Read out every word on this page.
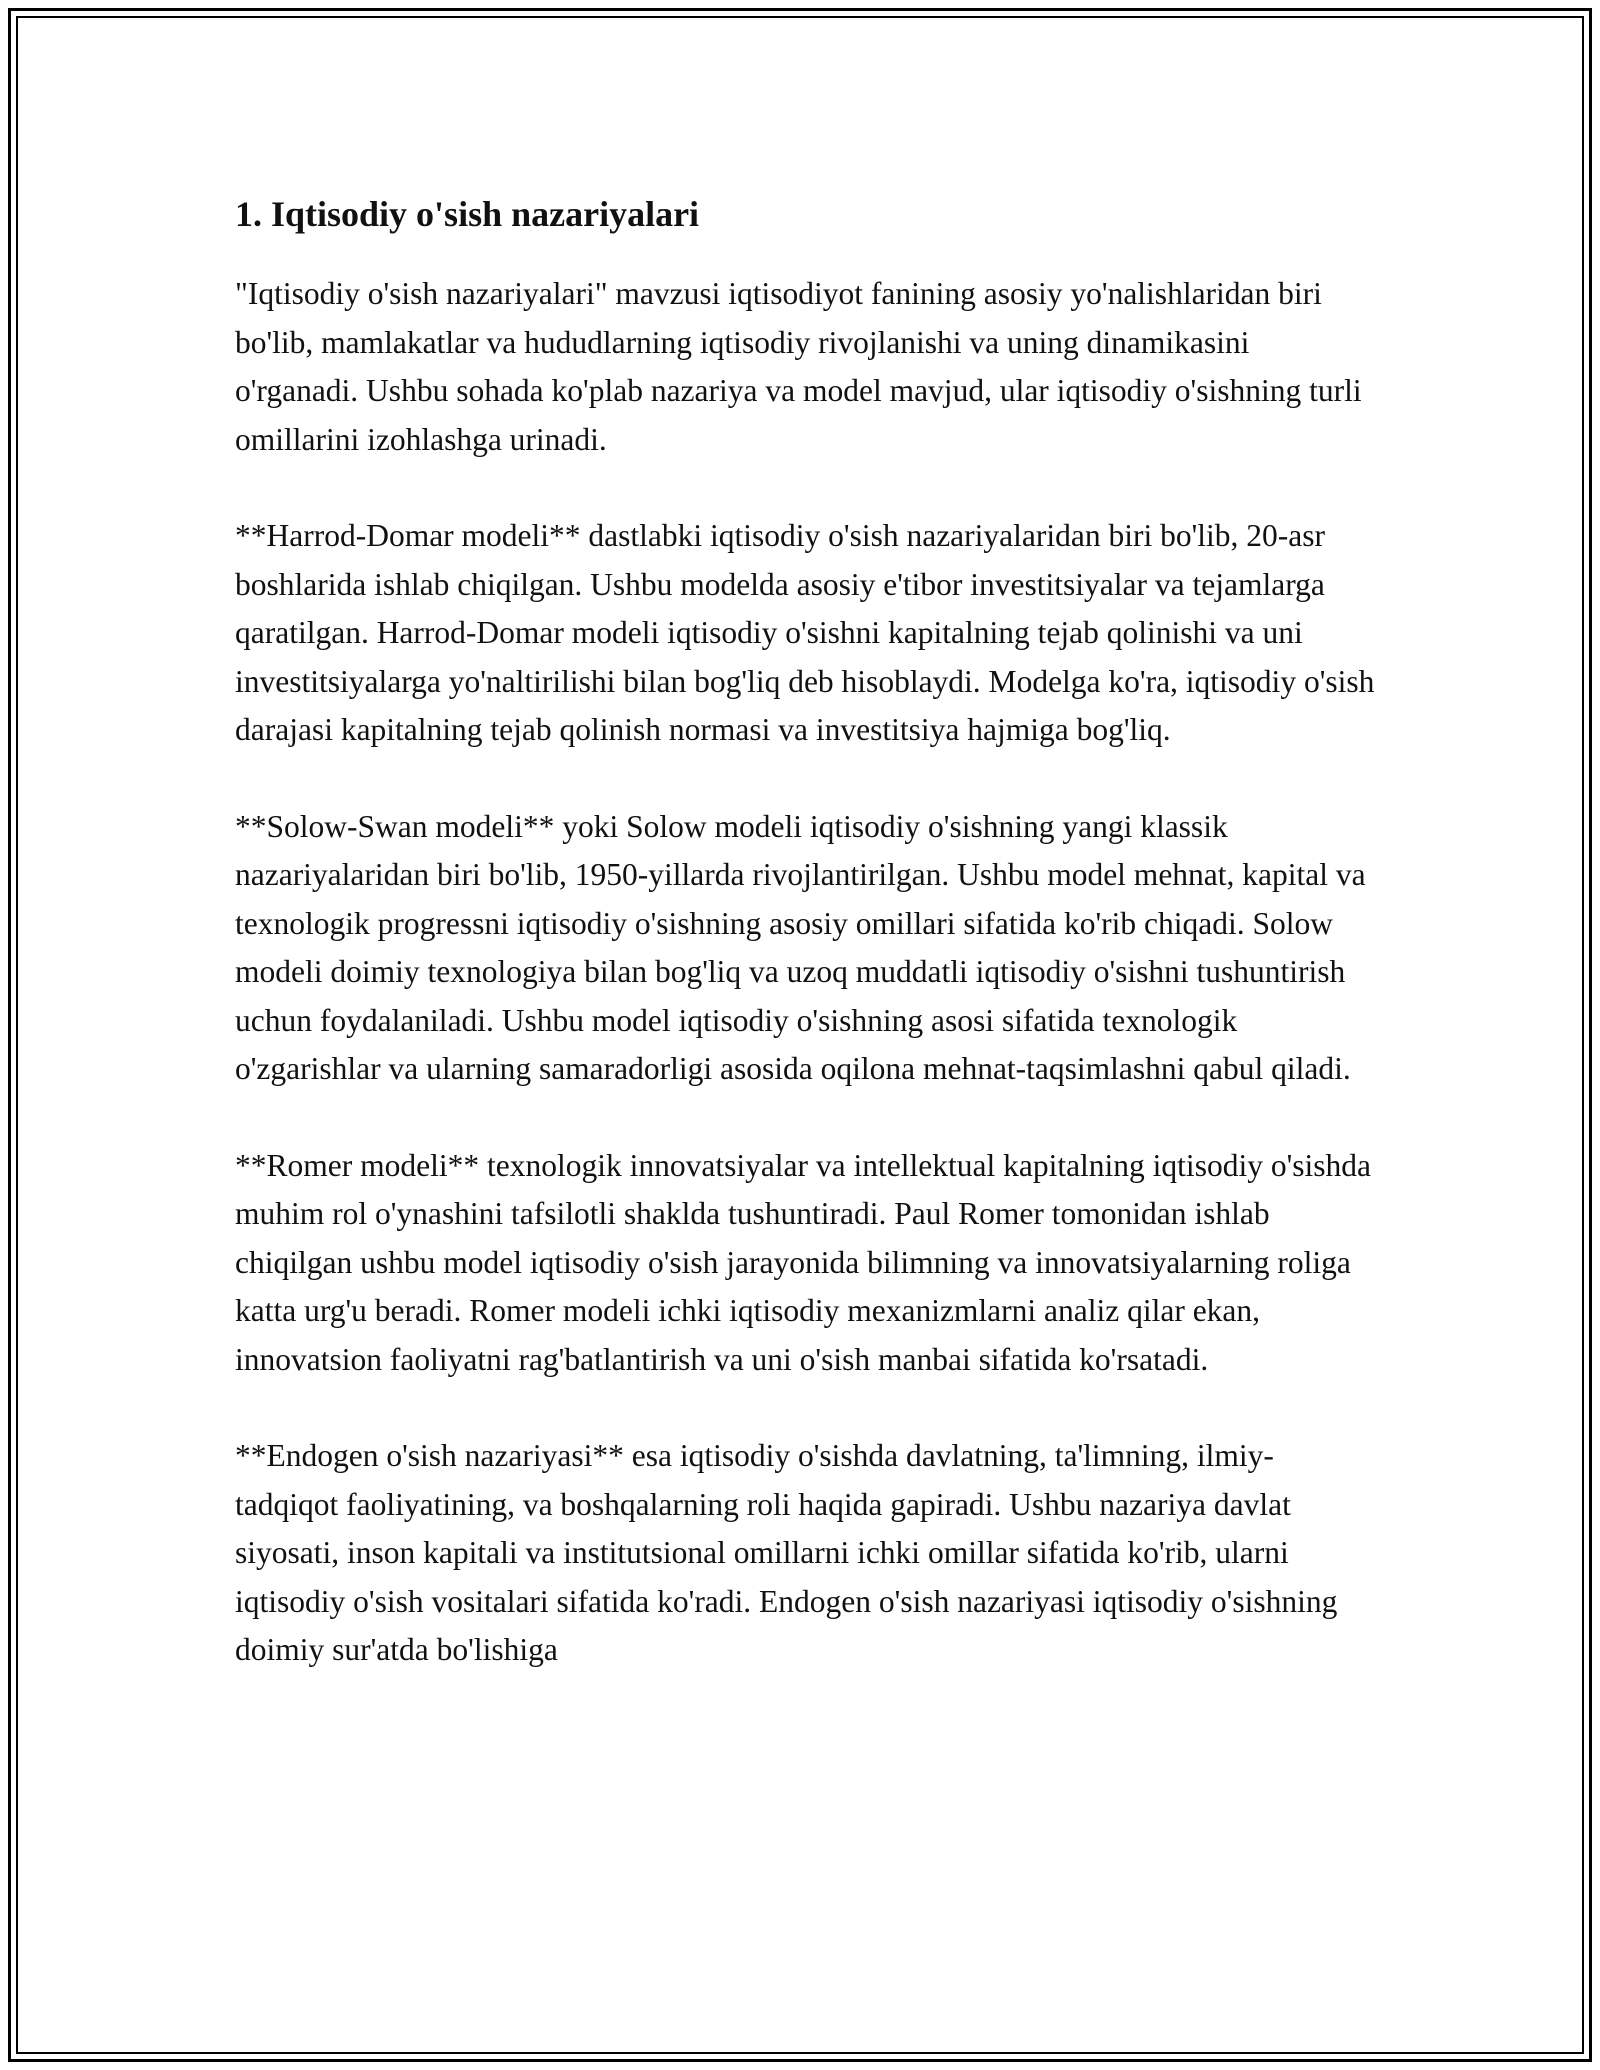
1. Iqtisodiy o'sish nazariyalari

"Iqtisodiy o'sish nazariyalari" mavzusi iqtisodiyot fanining asosiy yo'nalishlaridan biri bo'lib, mamlakatlar va hududlarning iqtisodiy rivojlanishi va uning dinamikasini o'rganadi. Ushbu sohada ko'plab nazariya va model mavjud, ular iqtisodiy o'sishning turli omillarini izohlashga urinadi.

**Harrod-Domar modeli** dastlabki iqtisodiy o'sish nazariyalaridan biri bo'lib, 20-asr boshlarida ishlab chiqilgan. Ushbu modelda asosiy e'tibor investitsiyalar va tejamlarga qaratilgan. Harrod-Domar modeli iqtisodiy o'sishni kapitalning tejab qolinishi va uni investitsiyalarga yo'naltirilishi bilan bog'liq deb hisoblaydi. Modelga ko'ra, iqtisodiy o'sish darajasi kapitalning tejab qolinish normasi va investitsiya hajmiga bog'liq.

**Solow-Swan modeli** yoki Solow modeli iqtisodiy o'sishning yangi klassik nazariyalaridan biri bo'lib, 1950-yillarda rivojlantirilgan. Ushbu model mehnat, kapital va texnologik progressni iqtisodiy o'sishning asosiy omillari sifatida ko'rib chiqadi. Solow modeli doimiy texnologiya bilan bog'liq va uzoq muddatli iqtisodiy o'sishni tushuntirish uchun foydalaniladi. Ushbu model iqtisodiy o'sishning asosi sifatida texnologik o'zgarishlar va ularning samaradorligi asosida oqilona mehnat-taqsimlashni qabul qiladi.

**Romer modeli** texnologik innovatsiyalar va intellektual kapitalning iqtisodiy o'sishda muhim rol o'ynashini tafsilotli shaklda tushuntiradi. Paul Romer tomonidan ishlab chiqilgan ushbu model iqtisodiy o'sish jarayonida bilimning va innovatsiyalarning roliga katta urg'u beradi. Romer modeli ichki iqtisodiy mexanizmlarni analiz qilar ekan, innovatsion faoliyatni rag'batlantirish va uni o'sish manbai sifatida ko'rsatadi.

**Endogen o'sish nazariyasi** esa iqtisodiy o'sishda davlatning, ta'limning, ilmiy-tadqiqot faoliyatining, va boshqalarning roli haqida gapiradi. Ushbu nazariya davlat siyosati, inson kapitali va institutsional omillarni ichki omillar sifatida ko'rib, ularni iqtisodiy o'sish vositalari sifatida ko'radi. Endogen o'sish nazariyasi iqtisodiy o'sishning doimiy sur'atda bo'lishiga
